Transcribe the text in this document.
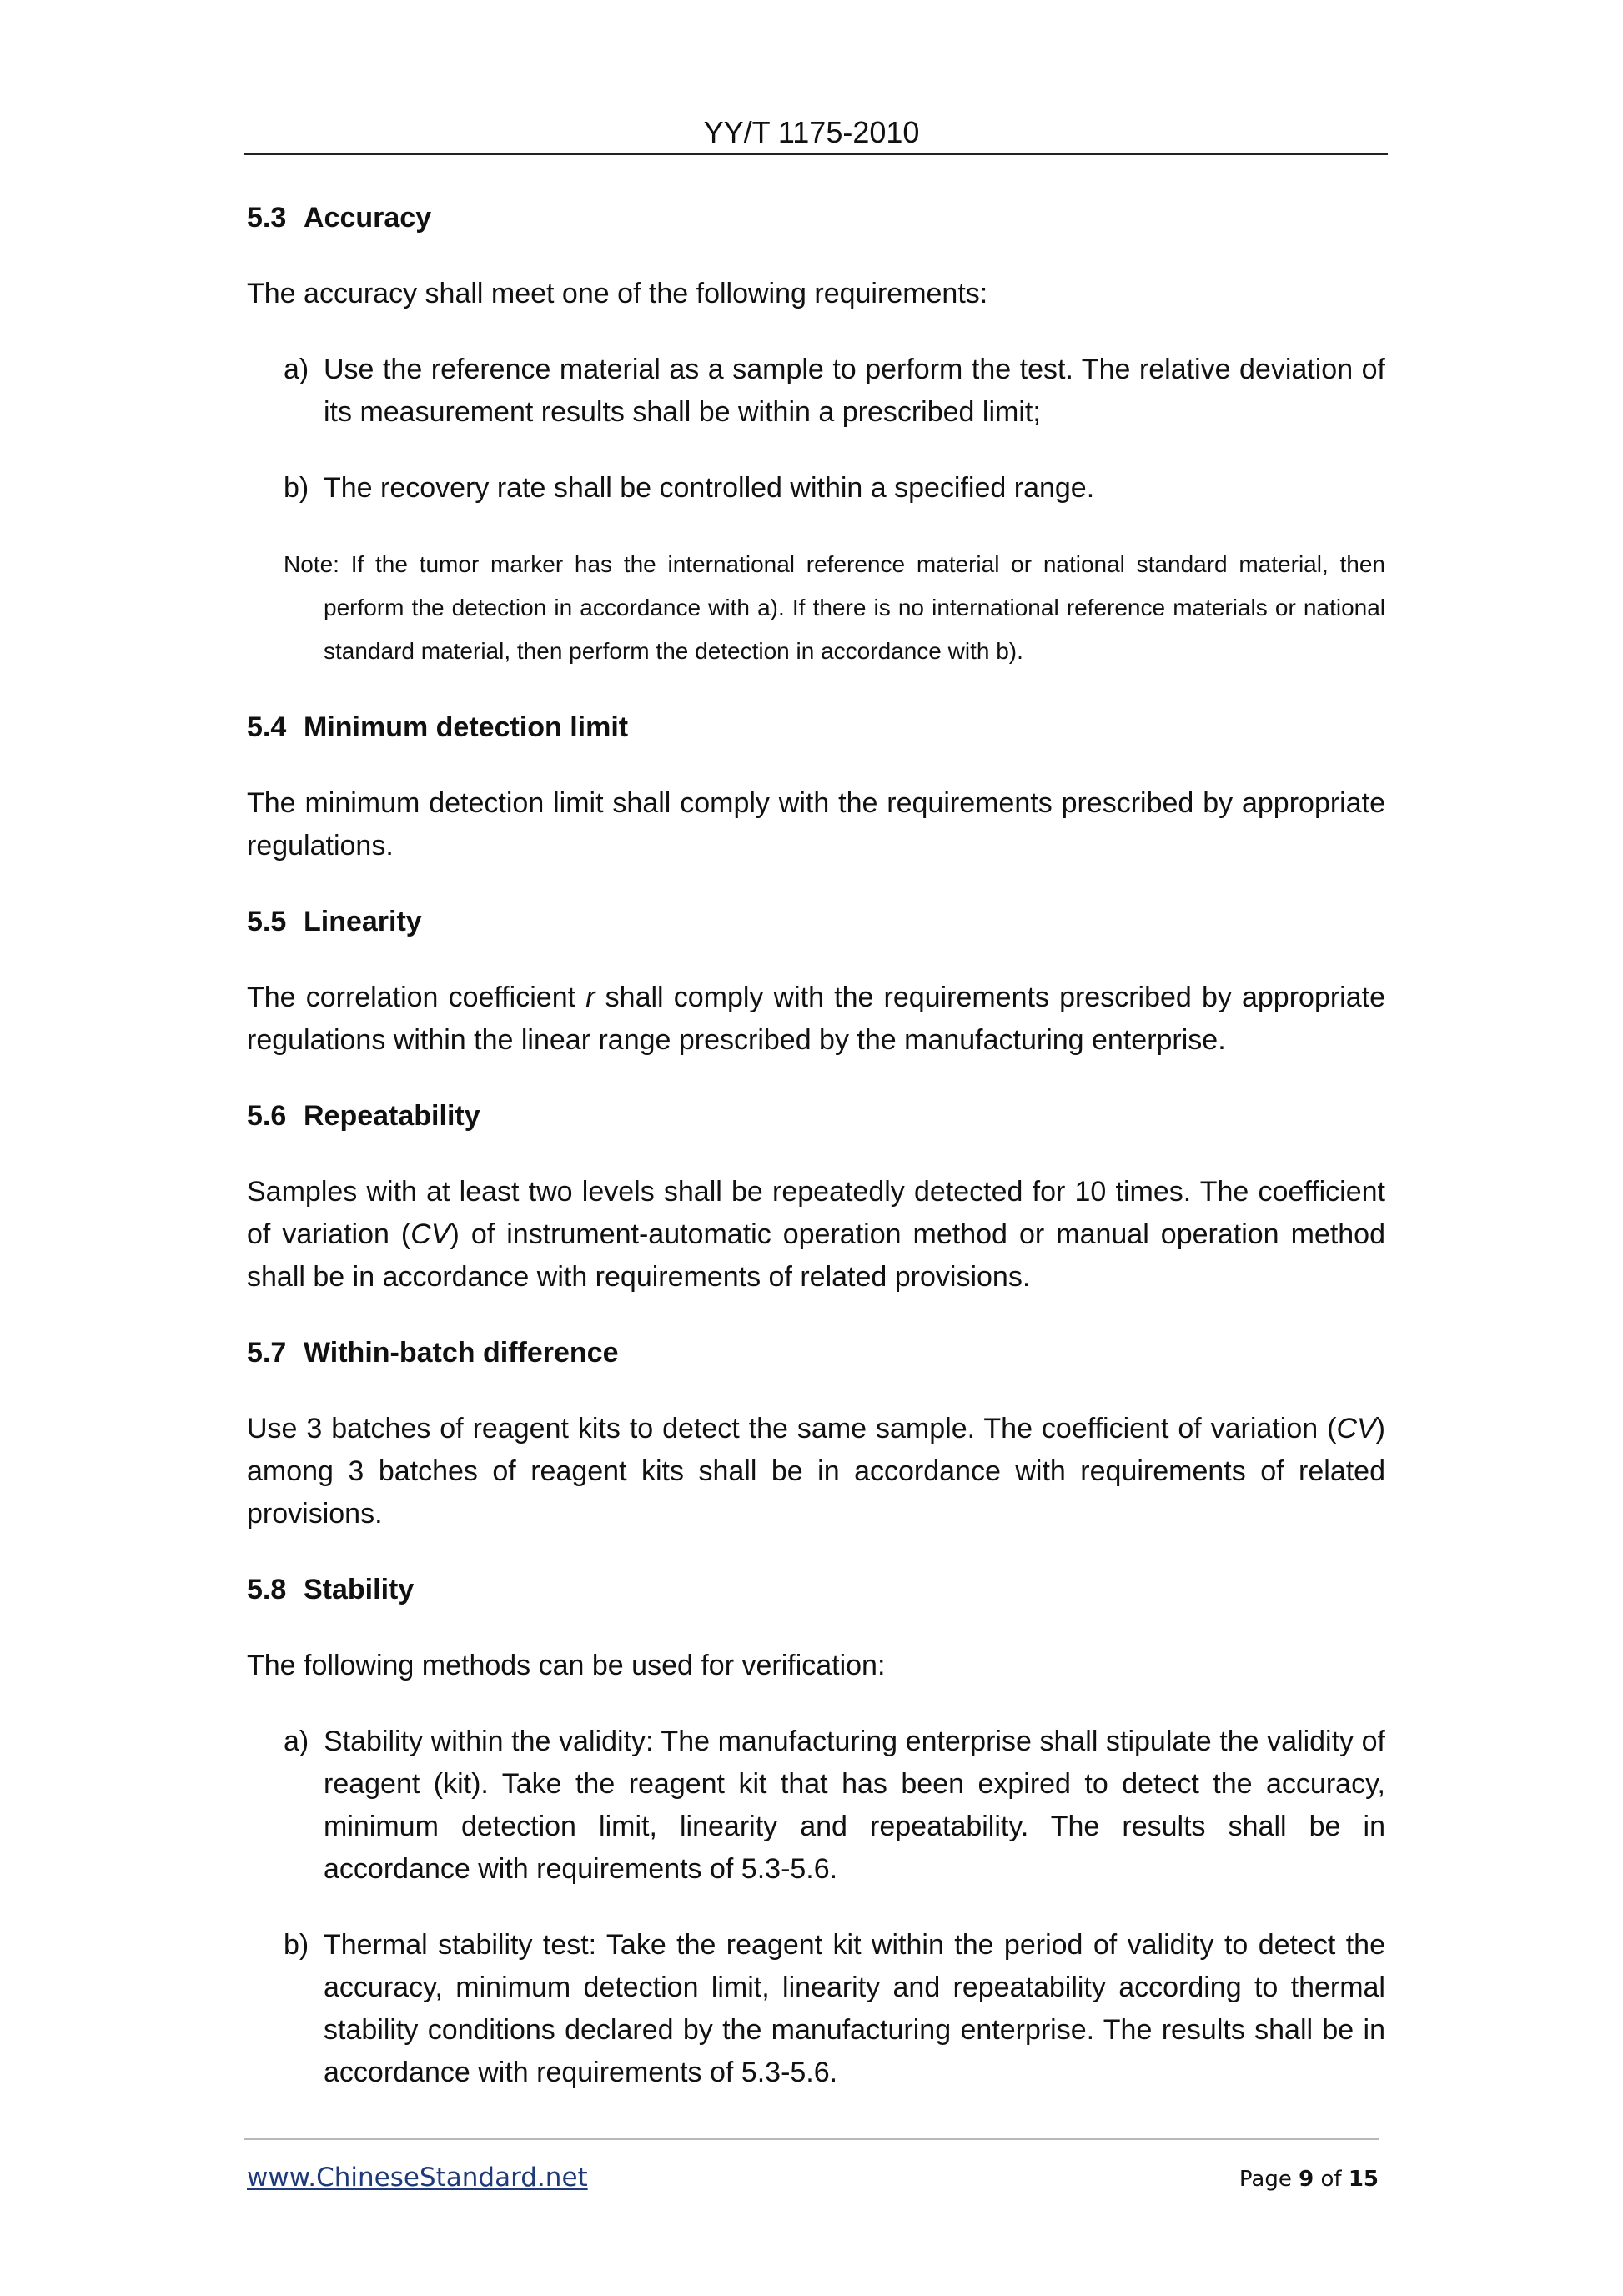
YY/T 1175-2010

5.3 Accuracy

The accuracy shall meet one of the following requirements:

a) Use the reference material as a sample to perform the test. The relative deviation of its measurement results shall be within a prescribed limit;
b) The recovery rate shall be controlled within a specified range.

Note: If the tumor marker has the international reference material or national standard material, then perform the detection in accordance with a). If there is no international reference materials or national standard material, then perform the detection in accordance with b).

5.4 Minimum detection limit

The minimum detection limit shall comply with the requirements prescribed by appropriate regulations.

5.5 Linearity

The correlation coefficient r shall comply with the requirements prescribed by appropriate regulations within the linear range prescribed by the manufacturing enterprise.

5.6 Repeatability

Samples with at least two levels shall be repeatedly detected for 10 times. The coefficient of variation (CV) of instrument-automatic operation method or manual operation method shall be in accordance with requirements of related provisions.

5.7 Within-batch difference

Use 3 batches of reagent kits to detect the same sample. The coefficient of variation (CV) among 3 batches of reagent kits shall be in accordance with requirements of related provisions.

5.8 Stability

The following methods can be used for verification:

a) Stability within the validity: The manufacturing enterprise shall stipulate the validity of reagent (kit). Take the reagent kit that has been expired to detect the accuracy, minimum detection limit, linearity and repeatability. The results shall be in accordance with requirements of 5.3-5.6.
b) Thermal stability test: Take the reagent kit within the period of validity to detect the accuracy, minimum detection limit, linearity and repeatability according to thermal stability conditions declared by the manufacturing enterprise. The results shall be in accordance with requirements of 5.3-5.6.
www.ChineseStandard.net	Page 9 of 15
